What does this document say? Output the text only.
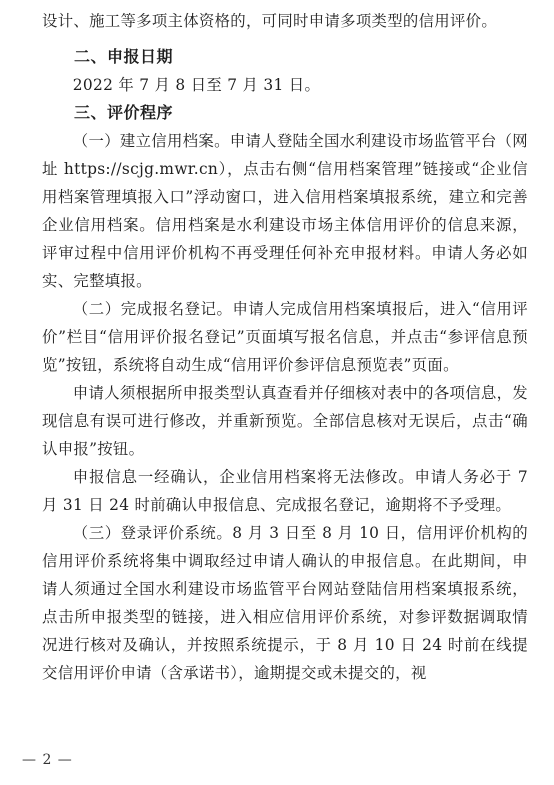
设计、施工等多项主体资格的，可同时申请多项类型的信用评价。

二、申报日期

2022 年 7 月 8 日至 7 月 31 日。

三、评价程序

（一）建立信用档案。申请人登陆全国水利建设市场监管平台（网址 https://scjg.mwr.cn），点击右侧“信用档案管理”链接或“企业信用档案管理填报入口”浮动窗口，进入信用档案填报系统，建立和完善企业信用档案。信用档案是水利建设市场主体信用评价的信息来源，评审过程中信用评价机构不再受理任何补充申报材料。申请人务必如实、完整填报。

（二）完成报名登记。申请人完成信用档案填报后，进入“信用评价”栏目“信用评价报名登记”页面填写报名信息，并点击“参评信息预览”按钮，系统将自动生成“信用评价参评信息预览表”页面。

申请人须根据所申报类型认真查看并仔细核对表中的各项信息，发现信息有误可进行修改，并重新预览。全部信息核对无误后，点击“确认申报”按钮。

申报信息一经确认，企业信用档案将无法修改。申请人务必于 7 月 31 日 24 时前确认申报信息、完成报名登记，逾期将不予受理。

（三）登录评价系统。8 月 3 日至 8 月 10 日，信用评价机构的信用评价系统将集中调取经过申请人确认的申报信息。在此期间，申请人须通过全国水利建设市场监管平台网站登陆信用档案填报系统，点击所申报类型的链接，进入相应信用评价系统，对参评数据调取情况进行核对及确认，并按照系统提示，于 8 月 10 日 24 时前在线提交信用评价申请（含承诺书），逾期提交或未提交的，视

— 2 —
